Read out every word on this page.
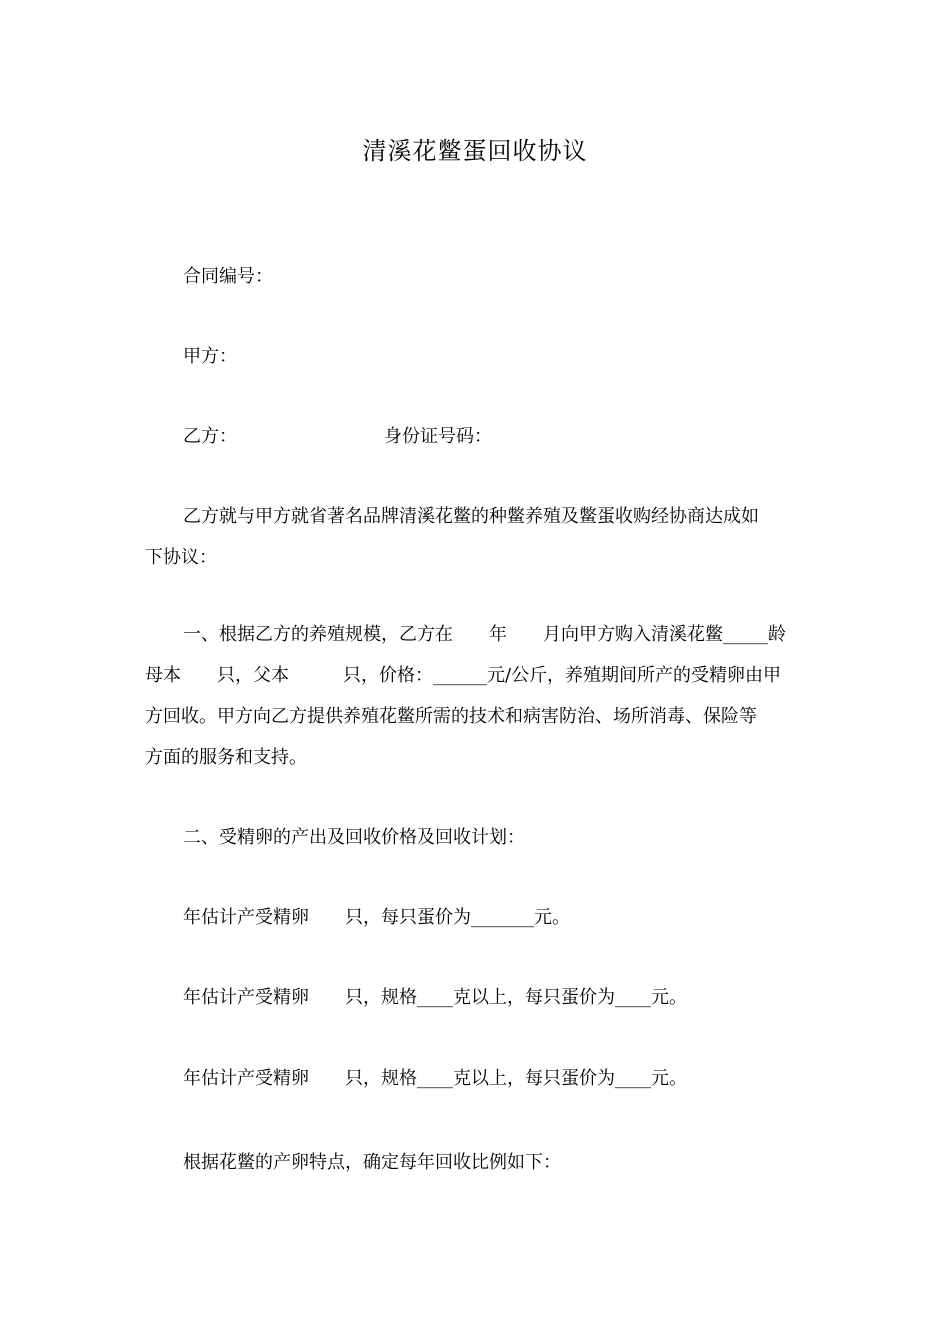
清溪花鳖蛋回收协议
合同编号：
甲方：
乙方：	身份证号码：
乙方就与甲方就省著名品牌清溪花鳖的种鳖养殖及鳖蛋收购经协商达成如
下协议：
一、根据乙方的养殖规模，乙方在　　年　　月向甲方购入清溪花鳖_____龄
母本　　只，父本　　　只，价格：______元/公斤，养殖期间所产的受精卵由甲
方回收。甲方向乙方提供养殖花鳖所需的技术和病害防治、场所消毒、保险等
方面的服务和支持。
二、受精卵的产出及回收价格及回收计划：
年估计产受精卵　　只，每只蛋价为_______元。
年估计产受精卵　　只，规格____克以上，每只蛋价为____元。
年估计产受精卵　　只，规格____克以上，每只蛋价为____元。
根据花鳖的产卵特点，确定每年回收比例如下：
